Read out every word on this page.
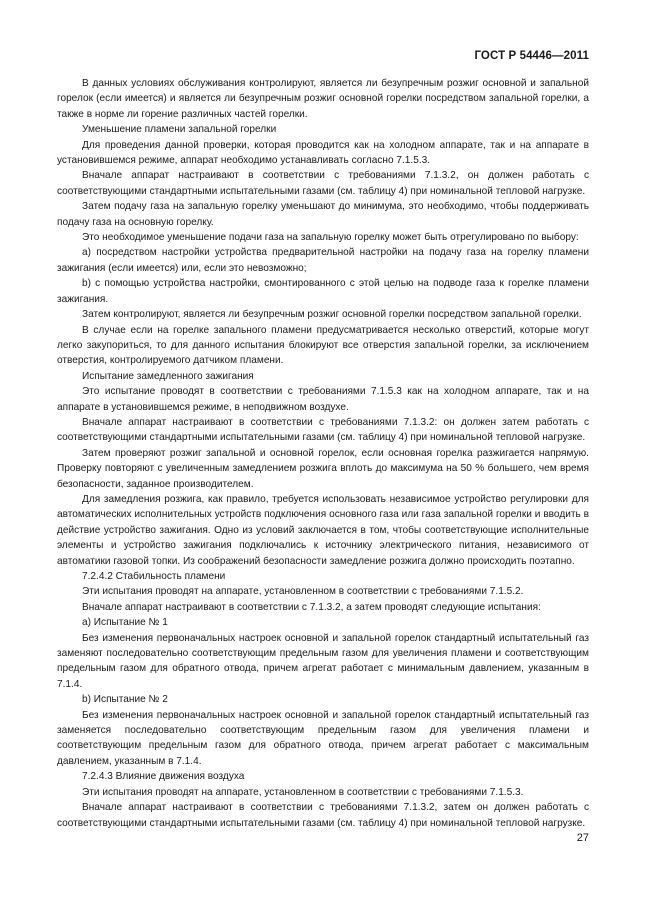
ГОСТ Р 54446—2011

В данных условиях обслуживания контролируют, является ли безупречным розжиг основной и запальной горелок (если имеется) и является ли безупречным розжиг основной горелки посредством запальной горелки, а также в норме ли горение различных частей горелки.

Уменьшение пламени запальной горелки

Для проведения данной проверки, которая проводится как на холодном аппарате, так и на аппарате в установившемся режиме, аппарат необходимо устанавливать согласно 7.1.5.3.

Вначале аппарат настраивают в соответствии с требованиями 7.1.3.2, он должен работать с соответствующими стандартными испытательными газами (см. таблицу 4) при номинальной тепловой нагрузке.

Затем подачу газа на запальную горелку уменьшают до минимума, это необходимо, чтобы поддерживать подачу газа на основную горелку.

Это необходимое уменьшение подачи газа на запальную горелку может быть отрегулировано по выбору:

a) посредством настройки устройства предварительной настройки на подачу газа на горелку пламени зажигания (если имеется) или, если это невозможно;

b) с помощью устройства настройки, смонтированного с этой целью на подводе газа к горелке пламени зажигания.

Затем контролируют, является ли безупречным розжиг основной горелки посредством запальной горелки.

В случае если на горелке запального пламени предусматривается несколько отверстий, которые могут легко закупориться, то для данного испытания блокируют все отверстия запальной горелки, за исключением отверстия, контролируемого датчиком пламени.

Испытание замедленного зажигания

Это испытание проводят в соответствии с требованиями 7.1.5.3 как на холодном аппарате, так и на аппарате в установившемся режиме, в неподвижном воздухе.

Вначале аппарат настраивают в соответствии с требованиями 7.1.3.2: он должен затем работать с соответствующими стандартными испытательными газами (см. таблицу 4) при номинальной тепловой нагрузке.

Затем проверяют розжиг запальной и основной горелок, если основная горелка разжигается напрямую. Проверку повторяют с увеличенным замедлением розжига вплоть до максимума на 50 % большего, чем время безопасности, заданное производителем.

Для замедления розжига, как правило, требуется использовать независимое устройство регулировки для автоматических исполнительных устройств подключения основного газа или газа запальной горелки и вводить в действие устройство зажигания. Одно из условий заключается в том, чтобы соответствующие исполнительные элементы и устройство зажигания подключались к источнику электрического питания, независимого от автоматики газовой топки. Из соображений безопасности замедление розжига должно происходить поэтапно.

7.2.4.2 Стабильность пламени

Эти испытания проводят на аппарате, установленном в соответствии с требованиями 7.1.5.2.

Вначале аппарат настраивают в соответствии с 7.1.3.2, а затем проводят следующие испытания:

a) Испытание № 1

Без изменения первоначальных настроек основной и запальной горелок стандартный испытательный газ заменяют последовательно соответствующим предельным газом для увеличения пламени и соответствующим предельным газом для обратного отвода, причем агрегат работает с минимальным давлением, указанным в 7.1.4.

b) Испытание № 2

Без изменения первоначальных настроек основной и запальной горелок стандартный испытательный газ заменяется последовательно соответствующим предельным газом для увеличения пламени и соответствующим предельным газом для обратного отвода, причем агрегат работает с максимальным давлением, указанным в 7.1.4.

7.2.4.3 Влияние движения воздуха

Эти испытания проводят на аппарате, установленном в соответствии с требованиями 7.1.5.3.

Вначале аппарат настраивают в соответствии с требованиями 7.1.3.2, затем он должен работать с соответствующими стандартными испытательными газами (см. таблицу 4) при номинальной тепловой нагрузке.

27
